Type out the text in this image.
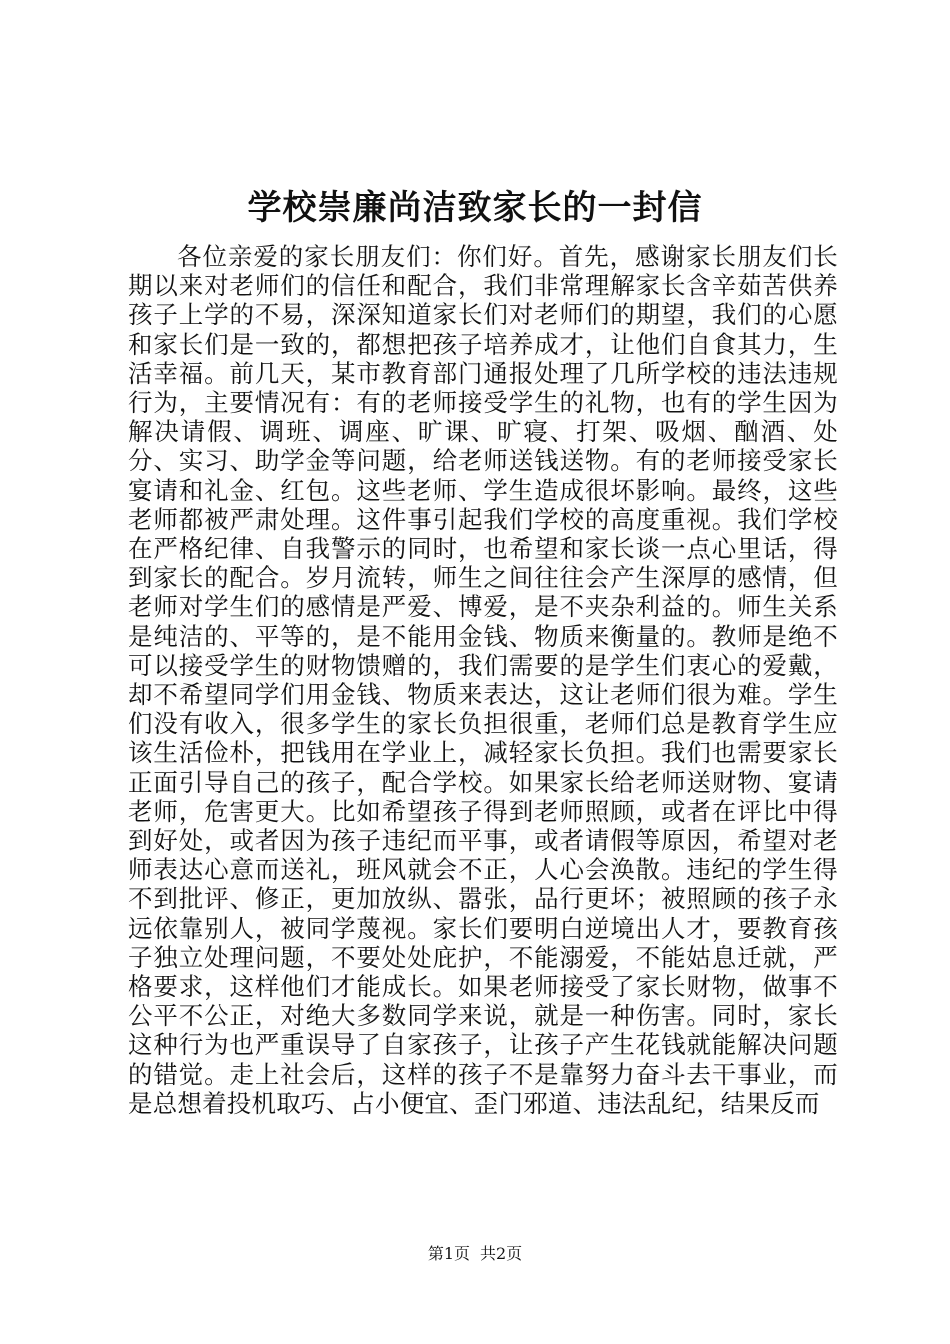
学校崇廉尚洁致家长的一封信

各位亲爱的家长朋友们：你们好。首先，感谢家长朋友们长期以来对老师们的信任和配合，我们非常理解家长含辛茹苦供养孩子上学的不易，深深知道家长们对老师们的期望，我们的心愿和家长们是一致的，都想把孩子培养成才，让他们自食其力，生活幸福。前几天，某市教育部门通报处理了几所学校的违法违规行为，主要情况有：有的老师接受学生的礼物，也有的学生因为解决请假、调班、调座、旷课、旷寝、打架、吸烟、酗酒、处分、实习、助学金等问题，给老师送钱送物。有的老师接受家长宴请和礼金、红包。这些老师、学生造成很坏影响。最终，这些老师都被严肃处理。这件事引起我们学校的高度重视。我们学校在严格纪律、自我警示的同时，也希望和家长谈一点心里话，得到家长的配合。岁月流转，师生之间往往会产生深厚的感情，但老师对学生们的感情是严爱、博爱，是不夹杂利益的。师生关系是纯洁的、平等的，是不能用金钱、物质来衡量的。教师是绝不可以接受学生的财物馈赠的，我们需要的是学生们衷心的爱戴，却不希望同学们用金钱、物质来表达，这让老师们很为难。学生们没有收入，很多学生的家长负担很重，老师们总是教育学生应该生活俭朴，把钱用在学业上，减轻家长负担。我们也需要家长正面引导自己的孩子，配合学校。如果家长给老师送财物、宴请老师，危害更大。比如希望孩子得到老师照顾，或者在评比中得到好处，或者因为孩子违纪而平事，或者请假等原因，希望对老师表达心意而送礼，班风就会不正，人心会涣散。违纪的学生得不到批评、修正，更加放纵、嚣张，品行更坏；被照顾的孩子永远依靠别人，被同学蔑视。家长们要明白逆境出人才，要教育孩子独立处理问题，不要处处庇护，不能溺爱，不能姑息迁就，严格要求，这样他们才能成长。如果老师接受了家长财物，做事不公平不公正，对绝大多数同学来说，就是一种伤害。同时，家长这种行为也严重误导了自家孩子，让孩子产生花钱就能解决问题的错觉。走上社会后，这样的孩子不是靠努力奋斗去干事业，而是总想着投机取巧、占小便宜、歪门邪道、违法乱纪，结果反而

第1页 共2页
